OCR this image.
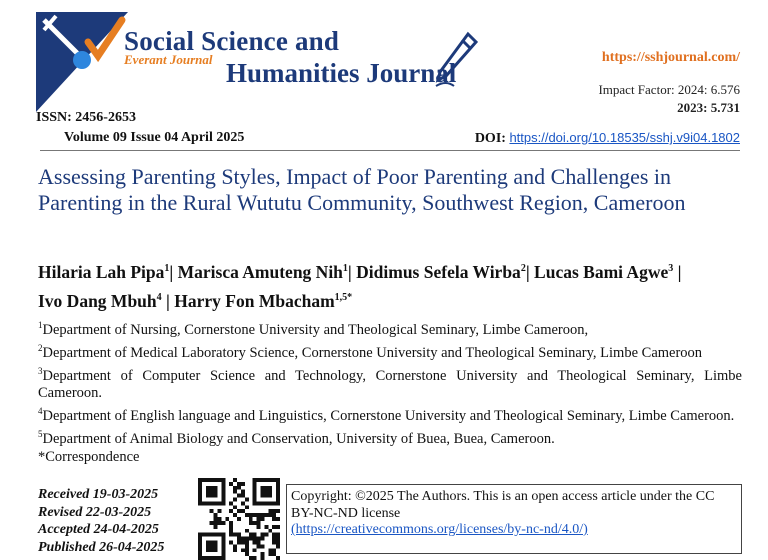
Social Science and
Everant Journal Humanities Journal
https://sshjournal.com/
Impact Factor: 2024: 6.576
2023: 5.731
ISSN: 2456-2653
Volume 09 Issue 04 April 2025	DOI: https://doi.org/10.18535/sshj.v9i04.1802
Assessing Parenting Styles, Impact of Poor Parenting and Challenges in Parenting in the Rural Wututu Community, Southwest Region, Cameroon
Hilaria Lah Pipa$^1$| Marisca Amuteng Nih$^1$| Didimus Sefela Wirba$^2$| Lucas Bami Agwe$^3$ |
Ivo Dang Mbuh$^4$ | Harry Fon Mbacham$^{1,5*}$
$^1$Department of Nursing, Cornerstone University and Theological Seminary, Limbe Cameroon,
$^2$Department of Medical Laboratory Science, Cornerstone University and Theological Seminary, Limbe Cameroon
$^3$Department of Computer Science and Technology, Cornerstone University and Theological Seminary, Limbe Cameroon.
$^4$Department of English language and Linguistics, Cornerstone University and Theological Seminary, Limbe Cameroon.
$^5$Department of Animal Biology and Conservation, University of Buea, Buea, Cameroon.
*Correspondence
Received 19-03-2025
Revised 22-03-2025
Accepted 24-04-2025
Published 26-04-2025
Copyright: ©2025 The Authors. This is an open access article under the CC BY-NC-ND license
(https://creativecommons.org/licenses/by-nc-nd/4.0/)
